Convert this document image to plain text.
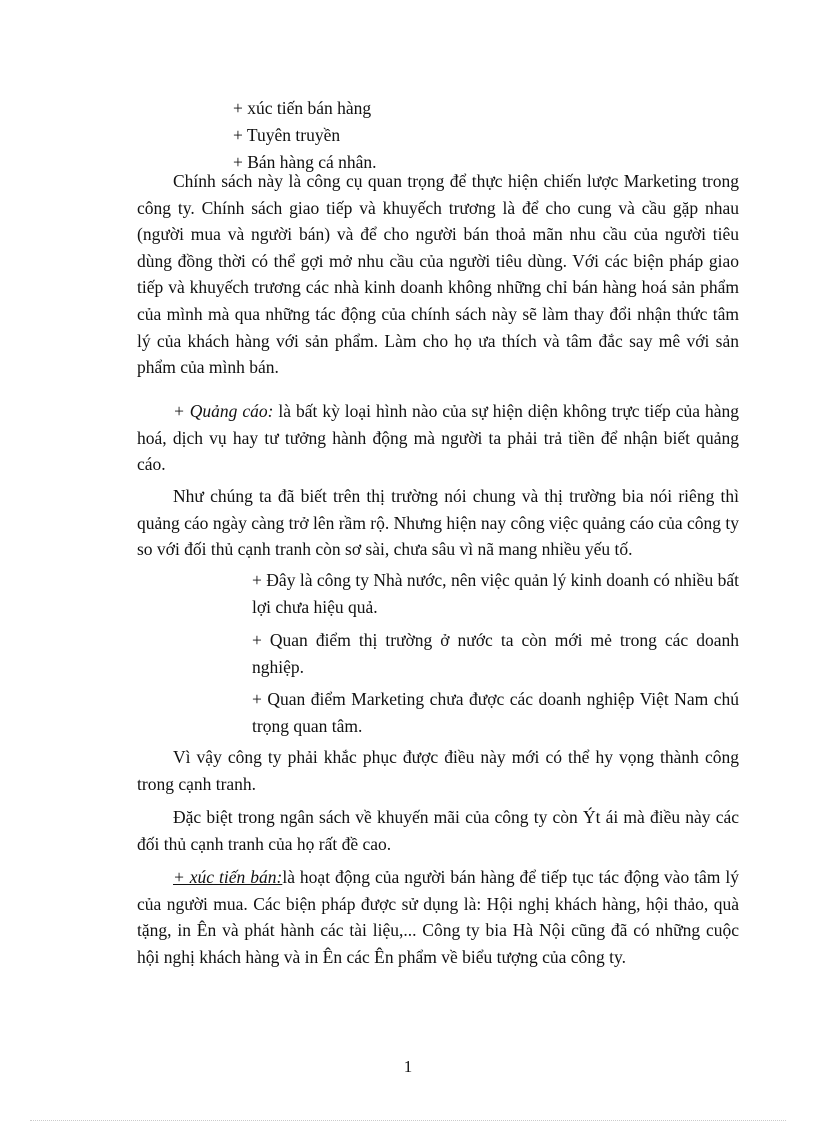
+ xúc tiến bán hàng
+ Tuyên truyền
+ Bán hàng cá nhân.

Chính sách này là công cụ quan trọng để thực hiện chiến lược Marketing trong công ty. Chính sách giao tiếp và khuyếch trương là để cho cung và cầu gặp nhau (người mua và người bán) và để cho người bán thoả mãn nhu cầu của người tiêu dùng đồng thời có thể gợi mở nhu cầu của người tiêu dùng. Với các biện pháp giao tiếp và khuyếch trương các nhà kinh doanh không những chỉ bán hàng hoá sản phẩm của mình mà qua những tác động của chính sách này sẽ làm thay đổi nhận thức tâm lý của khách hàng với sản phẩm. Làm cho họ ưa thích và tâm đắc say mê với sản phẩm của mình bán.

+ Quảng cáo: là bất kỳ loại hình nào của sự hiện diện không trực tiếp của hàng hoá, dịch vụ hay tư tưởng hành động mà người ta phải trả tiền để nhận biết quảng cáo.

Như chúng ta đã biết trên thị trường nói chung và thị trường bia nói riêng thì quảng cáo ngày càng trở lên rầm rộ. Nhưng hiện nay công việc quảng cáo của công ty so với đối thủ cạnh tranh còn sơ sài, chưa sâu vì nã mang nhiều yếu tố.

+ Đây là công ty Nhà nước, nên việc quản lý kinh doanh có nhiều bất lợi chưa hiệu quả.

+ Quan điểm thị trường ở nước ta còn mới mẻ trong các doanh nghiệp.

+ Quan điểm Marketing chưa được các doanh nghiệp Việt Nam chú trọng quan tâm.

Vì vậy công ty phải khắc phục được điều này mới có thể hy vọng thành công trong cạnh tranh.

Đặc biệt trong ngân sách về khuyến mãi của công ty còn Ýt ái mà điều này các đối thủ cạnh tranh của họ rất đề cao.

+ xúc tiến bán:là hoạt động của người bán hàng để tiếp tục tác động vào tâm lý của người mua. Các biện pháp được sử dụng là: Hội nghị khách hàng, hội thảo, quà tặng, in Ên và phát hành các tài liệu,... Công ty bia Hà Nội cũng đã có những cuộc hội nghị khách hàng và in Ên các Ên phẩm về biểu tượng của công ty.

1
